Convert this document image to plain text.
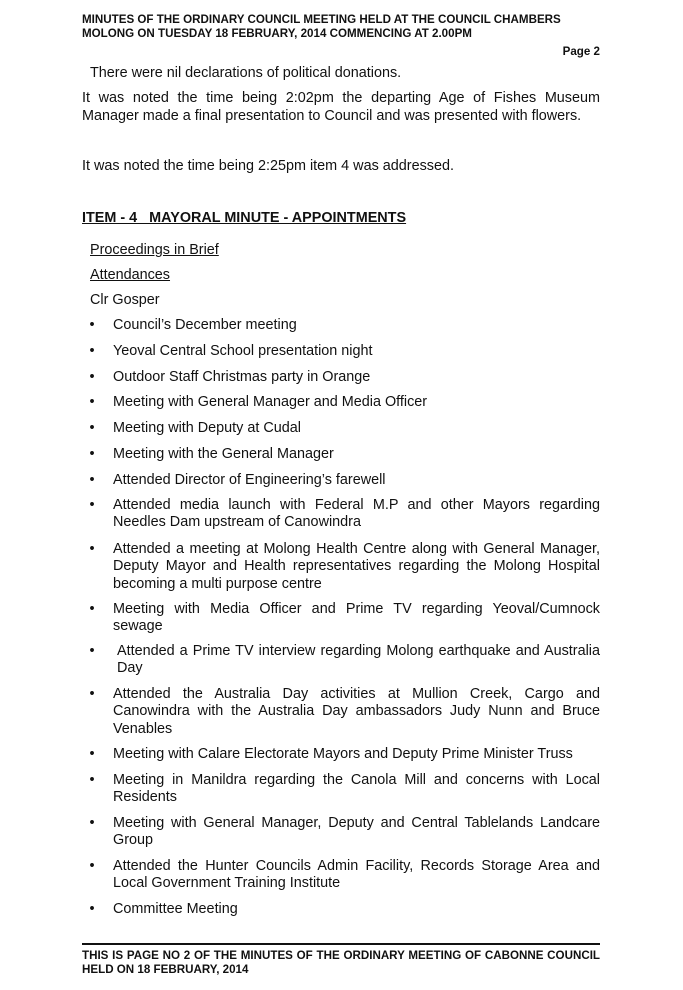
MINUTES OF THE ORDINARY COUNCIL MEETING HELD AT THE COUNCIL CHAMBERS
MOLONG ON TUESDAY 18 FEBRUARY, 2014 COMMENCING AT 2.00PM
Page 2
There were nil declarations of political donations.
It was noted the time being 2:02pm the departing Age of Fishes Museum Manager made a final presentation to Council and was presented with flowers.
It was noted the time being 2:25pm item 4 was addressed.
ITEM - 4   MAYORAL MINUTE - APPOINTMENTS
Proceedings in Brief
Attendances
Clr Gosper
• Council’s December meeting
• Yeoval Central School presentation night
• Outdoor Staff Christmas party in Orange
• Meeting with General Manager and Media Officer
• Meeting with Deputy at Cudal
• Meeting with the General Manager
• Attended Director of Engineering’s farewell
• Attended media launch with Federal M.P and other Mayors regarding Needles Dam upstream of Canowindra
• Attended a meeting at Molong Health Centre along with General Manager, Deputy Mayor and Health representatives regarding the Molong Hospital becoming a multi purpose centre
• Meeting with Media Officer and Prime TV regarding Yeoval/Cumnock sewage
• Attended a Prime TV interview regarding Molong earthquake and Australia Day
• Attended the Australia Day activities at Mullion Creek, Cargo and Canowindra with the Australia Day ambassadors Judy Nunn and Bruce Venables
• Meeting with Calare Electorate Mayors and Deputy Prime Minister Truss
• Meeting in Manildra regarding the Canola Mill and concerns with Local Residents
• Meeting with General Manager, Deputy and Central Tablelands Landcare Group
• Attended the Hunter Councils Admin Facility, Records Storage Area and Local Government Training Institute
• Committee Meeting
THIS IS PAGE NO 2 OF THE MINUTES OF THE ORDINARY MEETING OF CABONNE COUNCIL HELD ON 18 FEBRUARY, 2014
